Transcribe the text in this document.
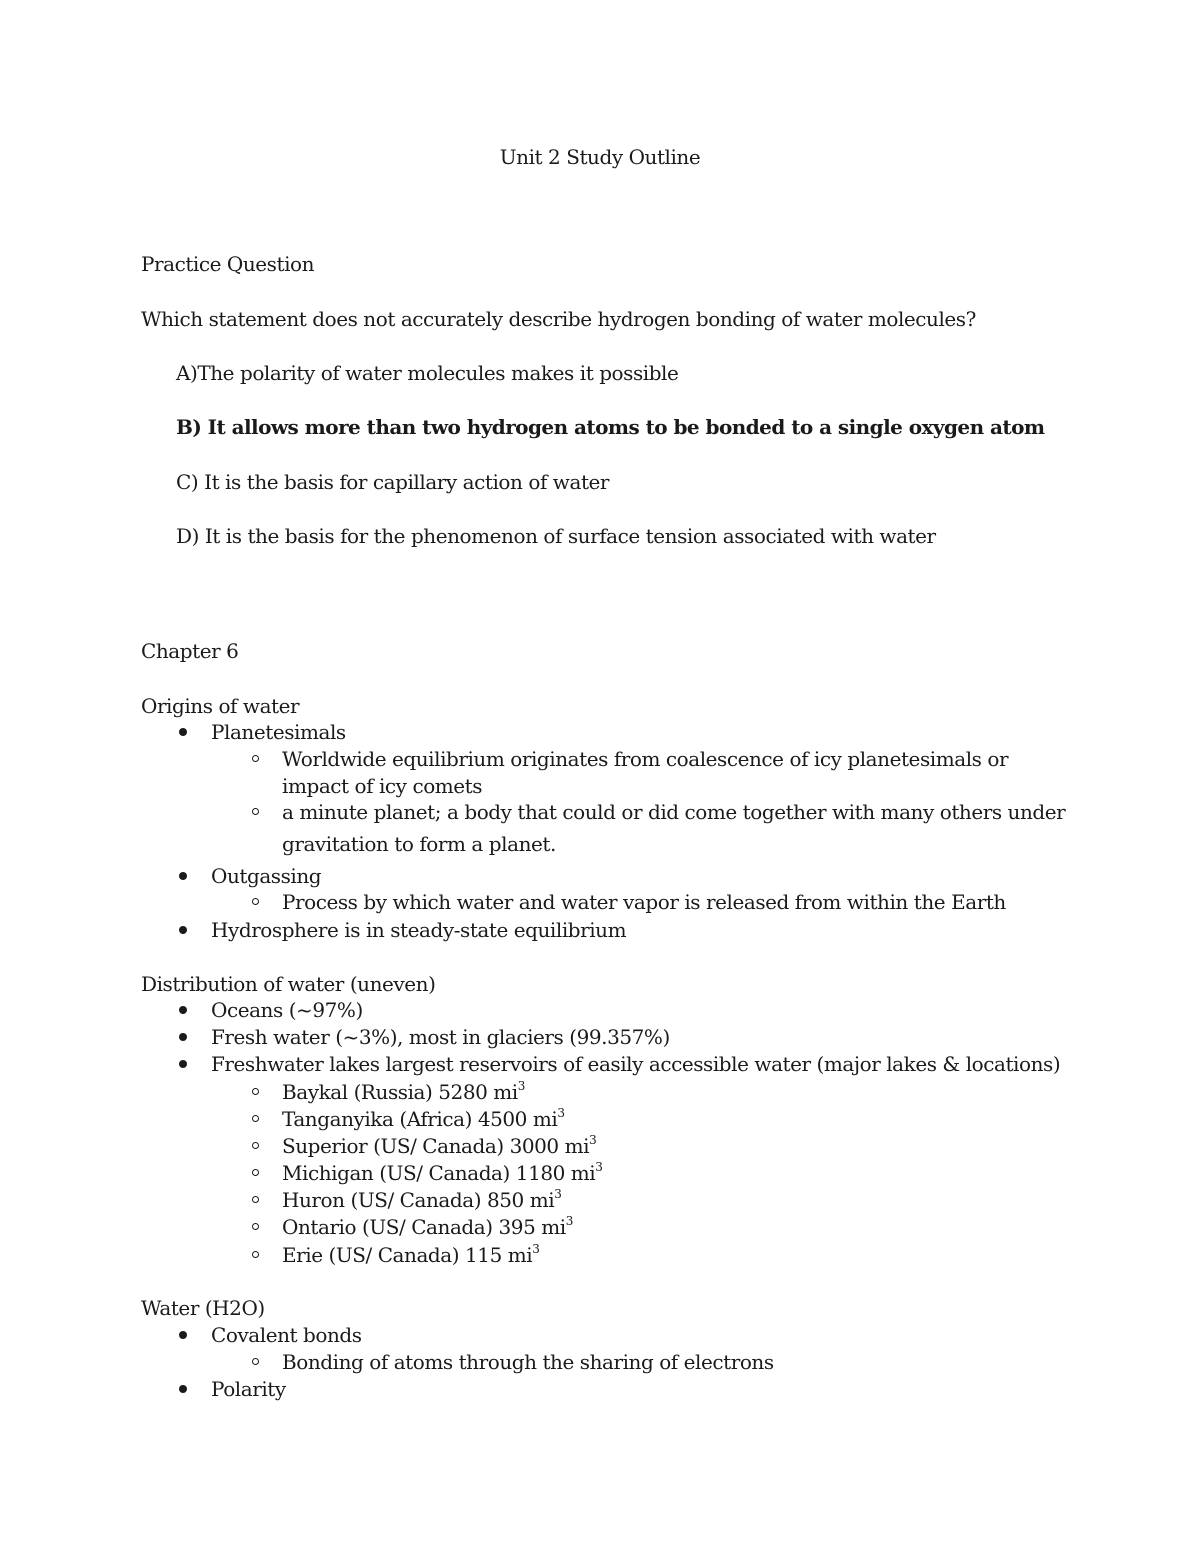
Unit 2 Study Outline
Practice Question
Which statement does not accurately describe hydrogen bonding of water molecules?
A)The polarity of water molecules makes it possible
B) It allows more than two hydrogen atoms to be bonded to a single oxygen atom
C) It is the basis for capillary action of water
D) It is the basis for the phenomenon of surface tension associated with water
Chapter 6
Origins of water
Planetesimals
Worldwide equilibrium originates from coalescence of icy planetesimals or
impact of icy comets
a minute planet; a body that could or did come together with many others under
gravitation to form a planet.
Outgassing
Process by which water and water vapor is released from within the Earth
Hydrosphere is in steady-state equilibrium
Distribution of water (uneven)
Oceans (~97%)
Fresh water (~3%), most in glaciers (99.357%)
Freshwater lakes largest reservoirs of easily accessible water (major lakes & locations)
Baykal (Russia) 5280 $mi^3$
Tanganyika (Africa) 4500 $mi^3$
Superior (US/ Canada) 3000 $mi^3$
Michigan (US/ Canada) 1180 $mi^3$
Huron (US/ Canada) 850 $mi^3$
Ontario (US/ Canada) 395 $mi^3$
Erie (US/ Canada) 115 $mi^3$
Water (H2O)
Covalent bonds
Bonding of atoms through the sharing of electrons
Polarity
